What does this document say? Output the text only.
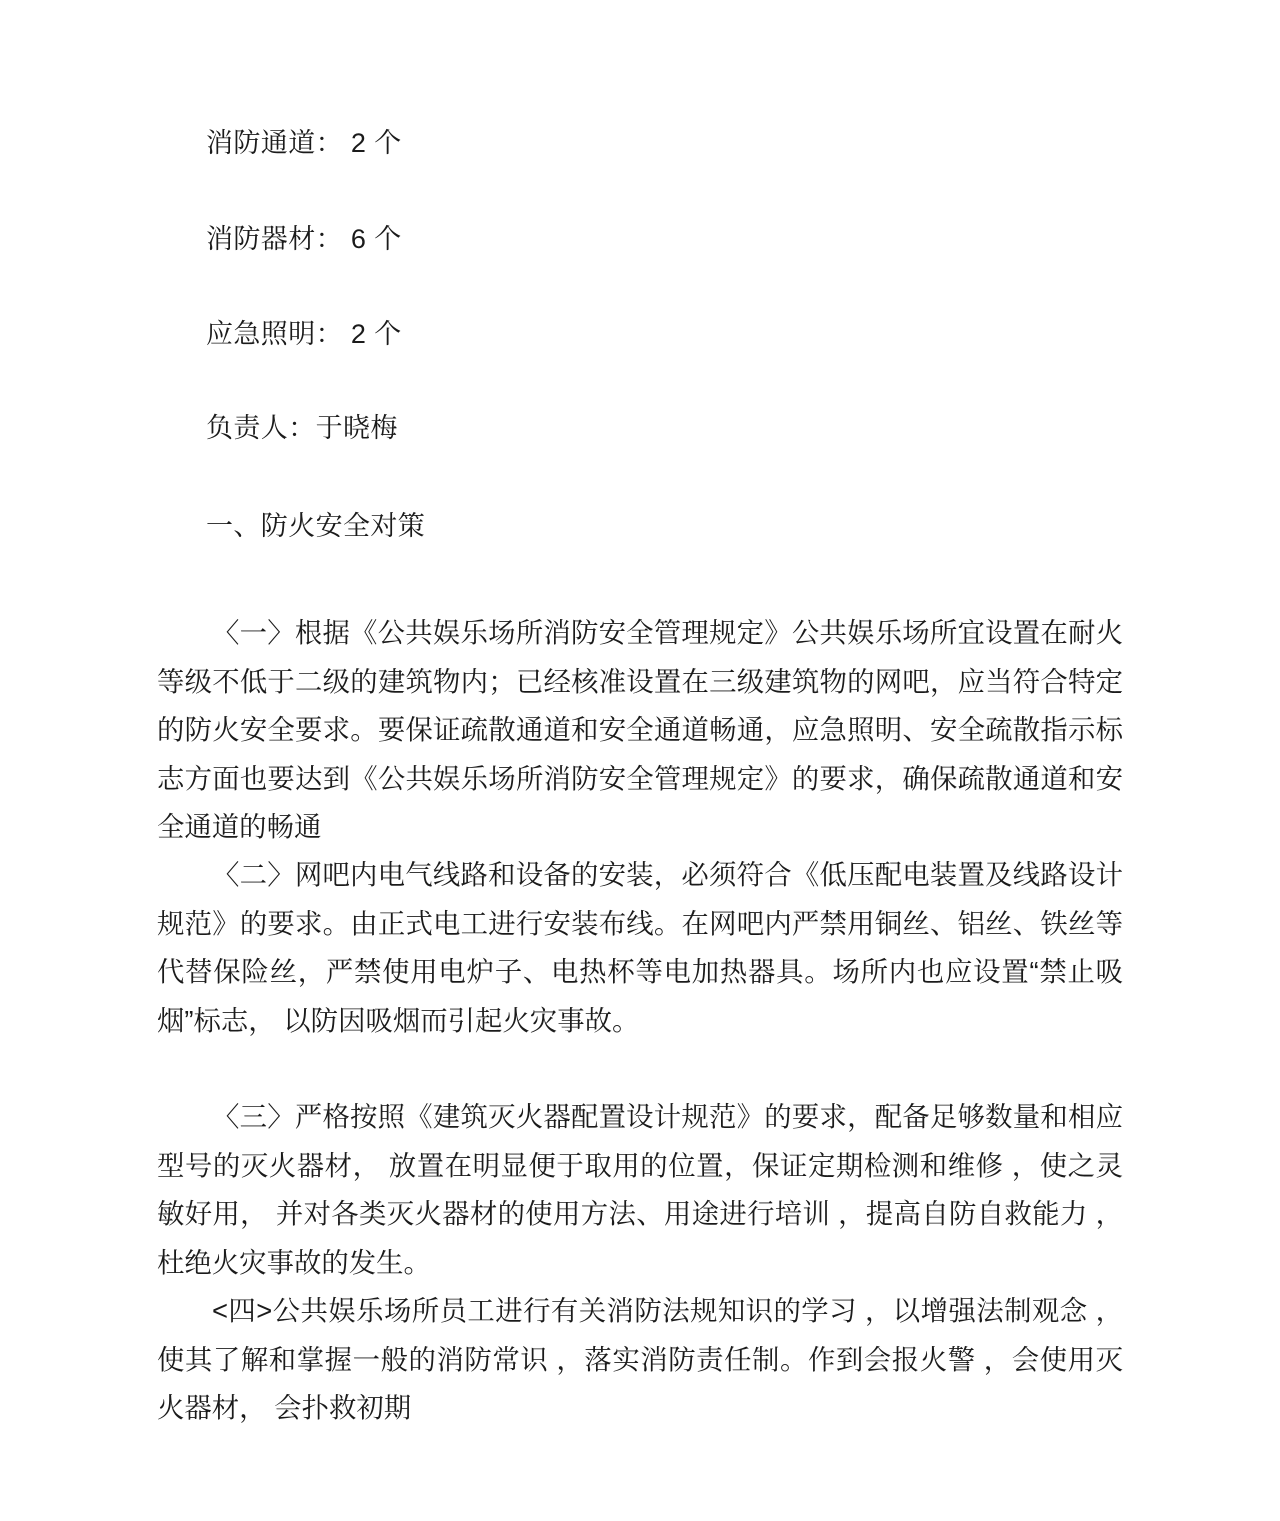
消防通道： 2 个
消防器材： 6 个
应急照明： 2 个
负责人：于晓梅
一、防火安全对策
〈一〉根据《公共娱乐场所消防安全管理规定》公共娱乐场所宜设置在耐火等级不低于二级的建筑物内；已经核准设置在三级建筑物的网吧，应当符合特定的防火安全要求。要保证疏散通道和安全通道畅通，应急照明、安全疏散指示标志方面也要达到《公共娱乐场所消防安全管理规定》的要求，确保疏散通道和安全通道的畅通
〈二〉网吧内电气线路和设备的安装，必须符合《低压配电装置及线路设计规范》的要求。由正式电工进行安装布线。在网吧内严禁用铜丝、铝丝、铁丝等代替保险丝，严禁使用电炉子、电热杯等电加热器具。场所内也应设置“禁止吸烟”标志， 以防因吸烟而引起火灾事故。
〈三〉严格按照《建筑灭火器配置设计规范》的要求，配备足够数量和相应型号的灭火器材， 放置在明显便于取用的位置，保证定期检测和维修 ，使之灵敏好用， 并对各类灭火器材的使用方法、用途进行培训 ，提高自防自救能力 ，杜绝火灾事故的发生。
<四>公共娱乐场所员工进行有关消防法规知识的学习 ，以增强法制观念 ，使其了解和掌握一般的消防常识 ，落实消防责任制。作到会报火警 ，会使用灭火器材， 会扑救初期
